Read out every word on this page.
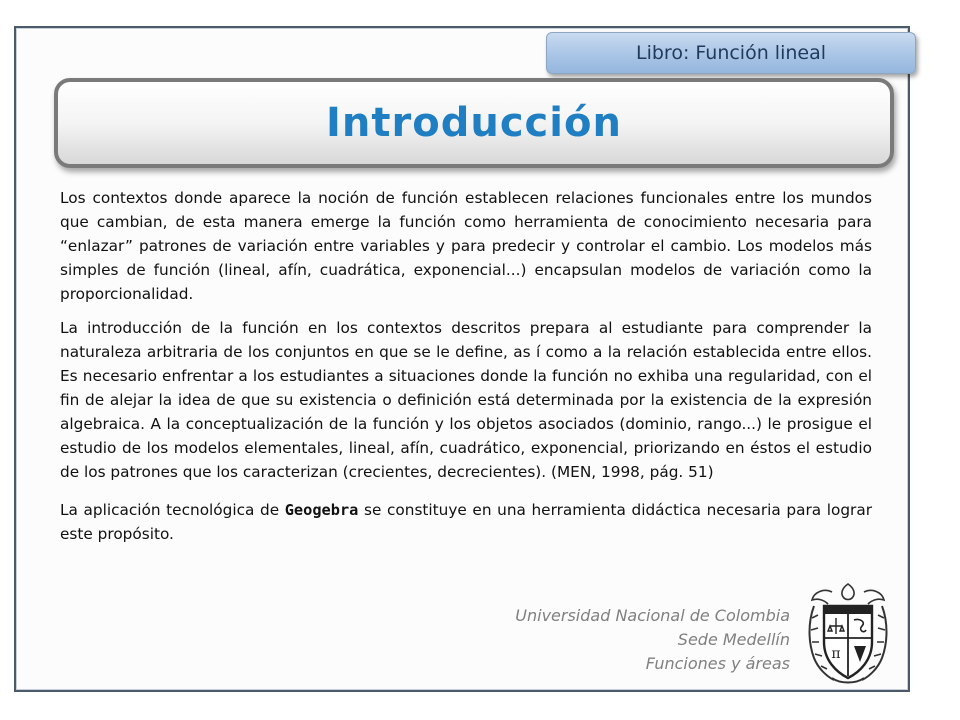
Libro: Función lineal
Introducción

Los contextos donde aparece la noción de función establecen relaciones funcionales entre los mundos que cambian, de esta manera emerge la función como herramienta de conocimiento necesaria para “enlazar” patrones de variación entre variables y para predecir y controlar el cambio. Los modelos más simples de función (lineal, afín, cuadrática, exponencial...) encapsulan modelos de variación como la proporcionalidad.

La introducción de la función en los contextos descritos prepara al estudiante para comprender la naturaleza arbitraria de los conjuntos en que se le define, as í como a la relación establecida entre ellos. Es necesario enfrentar a los estudiantes a situaciones donde la función no exhiba una regularidad, con el fin de alejar la idea de que su existencia o definición está determinada por la existencia de la expresión algebraica. A la conceptualización de la función y los objetos asociados (dominio, rango...) le prosigue el estudio de los modelos elementales, lineal, afín, cuadrático, exponencial, priorizando en éstos el estudio de los patrones que los caracterizan (crecientes, decrecientes). (MEN, 1998, pág. 51)

La aplicación tecnológica de Geogebra se constituye en una herramienta didáctica necesaria para lograr este propósito.

Universidad Nacional de Colombia
Sede Medellín
Funciones y áreas	π
